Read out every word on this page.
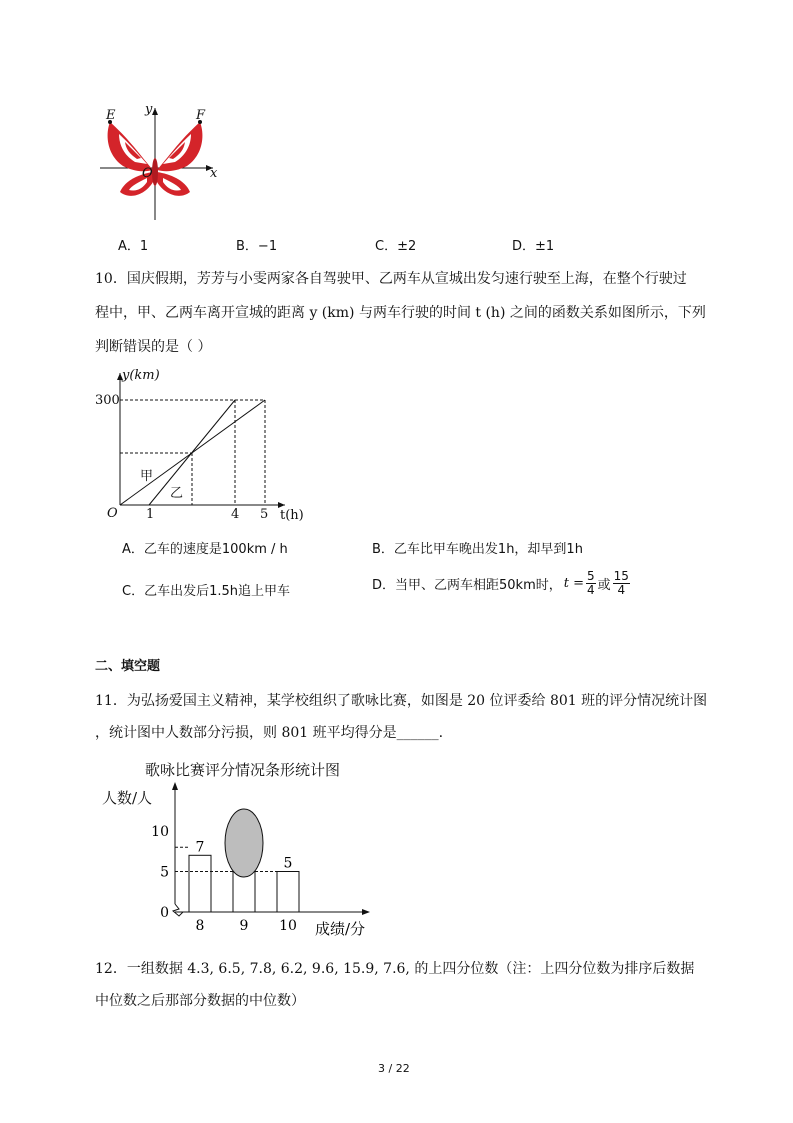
E	F
y
x
O
A．1	B．−1	C．±2	D．±1
10．国庆假期，芳芳与小雯两家各自驾驶甲、乙两车从宣城出发匀速行驶至上海，在整个行驶过
程中，甲、乙两车离开宣城的距离 y (km) 与两车行驶的时间 t (h) 之间的函数关系如图所示，下列
判断错误的是（ ）
y(km)
t(h)
300
O 1	4 5
甲
乙
A．乙车的速度是100km / h	B．乙车比甲车晚出发1h，却早到1h
C．乙车出发后1.5h追上甲车	D．当甲、乙两车相距50km时， $t = \frac{5}{4}$ 或 $\frac{15}{4}$
二、填空题
11．为弘扬爱国主义精神，某学校组织了歌咏比赛，如图是 20 位评委给 801 班的评分情况统计图
，统计图中人数部分污损，则 801 班平均得分是______.
歌咏比赛评分情况条形统计图
人数/人
0
5
10
7
8	9
5
10 成绩/分
12．一组数据 4.3, 6.5, 7.8, 6.2, 9.6, 15.9, 7.6, 的上四分位数（注：上四分位数为排序后数据
中位数之后那部分数据的中位数）
3 / 22
